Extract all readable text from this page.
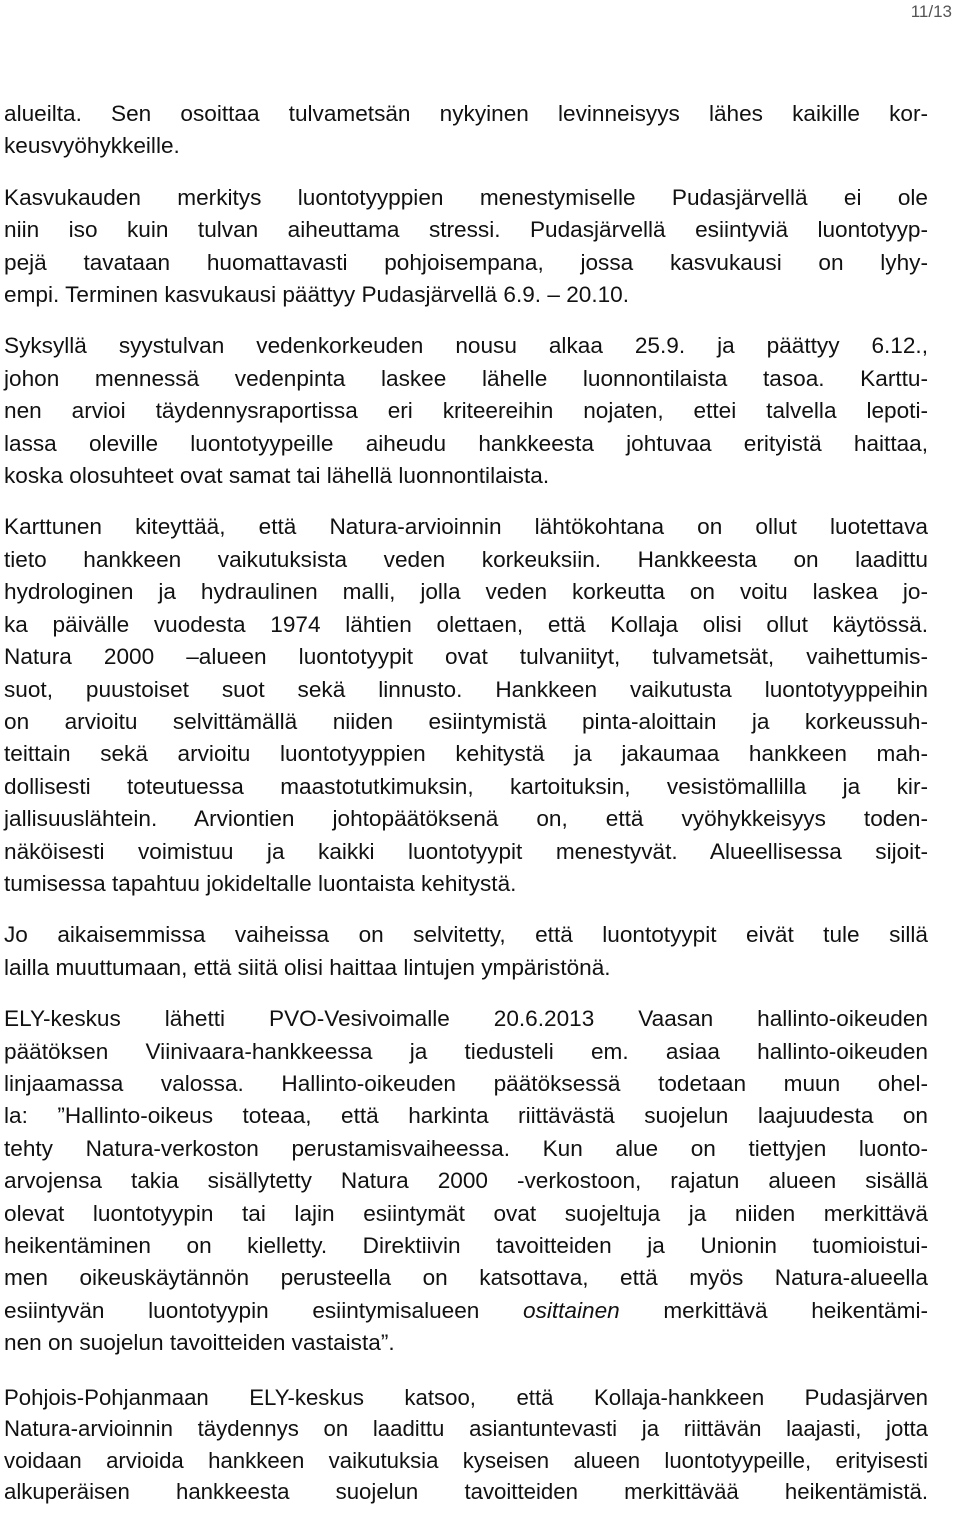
11/13

alueilta. Sen osoittaa tulvametsän nykyinen levinneisyys lähes kaikille kor-
keusvyöhykkeille.

Kasvukauden merkitys luontotyyppien menestymiselle Pudasjärvellä ei ole
niin iso kuin tulvan aiheuttama stressi. Pudasjärvellä esiintyviä luontotyyp-
pejä tavataan huomattavasti pohjoisempana, jossa kasvukausi on lyhy-
empi. Terminen kasvukausi päättyy Pudasjärvellä 6.9. – 20.10.

Syksyllä syystulvan vedenkorkeuden nousu alkaa 25.9. ja päättyy 6.12.,
johon mennessä vedenpinta laskee lähelle luonnontilaista tasoa. Karttu-
nen arvioi täydennysraportissa eri kriteereihin nojaten, ettei talvella lepoti-
lassa oleville luontotyypeille aiheudu hankkeesta johtuvaa erityistä haittaa,
koska olosuhteet ovat samat tai lähellä luonnontilaista.

Karttunen kiteyttää, että Natura-arvioinnin lähtökohtana on ollut luotettava
tieto hankkeen vaikutuksista veden korkeuksiin. Hankkeesta on laadittu
hydrologinen ja hydraulinen malli, jolla veden korkeutta on voitu laskea jo-
ka päivälle vuodesta 1974 lähtien olettaen, että Kollaja olisi ollut käytössä.
Natura 2000 –alueen luontotyypit ovat tulvaniityt, tulvametsät, vaihettumis-
suot, puustoiset suot sekä linnusto. Hankkeen vaikutusta luontotyyppeihin
on arvioitu selvittämällä niiden esiintymistä pinta-aloittain ja korkeussuh-
teittain sekä arvioitu luontotyyppien kehitystä ja jakaumaa hankkeen mah-
dollisesti toteutuessa maastotutkimuksin, kartoituksin, vesistömallilla ja kir-
jallisuuslähtein. Arviontien johtopäätöksenä on, että vyöhykkeisyys toden-
näköisesti voimistuu ja kaikki luontotyypit menestyvät. Alueellisessa sijoit-
tumisessa tapahtuu jokideltalle luontaista kehitystä.

Jo aikaisemmissa vaiheissa on selvitetty, että luontotyypit eivät tule sillä
lailla muuttumaan, että siitä olisi haittaa lintujen ympäristönä.

ELY-keskus lähetti PVO-Vesivoimalle 20.6.2013 Vaasan hallinto-oikeuden
päätöksen Viinivaara-hankkeessa ja tiedusteli em. asiaa hallinto-oikeuden
linjaamassa valossa. Hallinto-oikeuden päätöksessä todetaan muun ohel-
la: ”Hallinto-oikeus toteaa, että harkinta riittävästä suojelun laajuudesta on
tehty Natura-verkoston perustamisvaiheessa. Kun alue on tiettyjen luonto-
arvojensa takia sisällytetty Natura 2000 -verkostoon, rajatun alueen sisällä
olevat luontotyypin tai lajin esiintymät ovat suojeltuja ja niiden merkittävä
heikentäminen on kielletty. Direktiivin tavoitteiden ja Unionin tuomioistui-
men oikeuskäytännön perusteella on katsottava, että myös Natura-alueella
esiintyvän luontotyypin esiintymisalueen osittainen merkittävä heikentämi-
nen on suojelun tavoitteiden vastaista”.

Pohjois-Pohjanmaan ELY-keskus katsoo, että Kollaja-hankkeen Pudasjärven
Natura-arvioinnin täydennys on laadittu asiantuntevasti ja riittävän laajasti, jotta
voidaan arvioida hankkeen vaikutuksia kyseisen alueen luontotyypeille, erityisesti
alkuperäisen hankkeesta suojelun tavoitteiden merkittävää heikentämistä.
